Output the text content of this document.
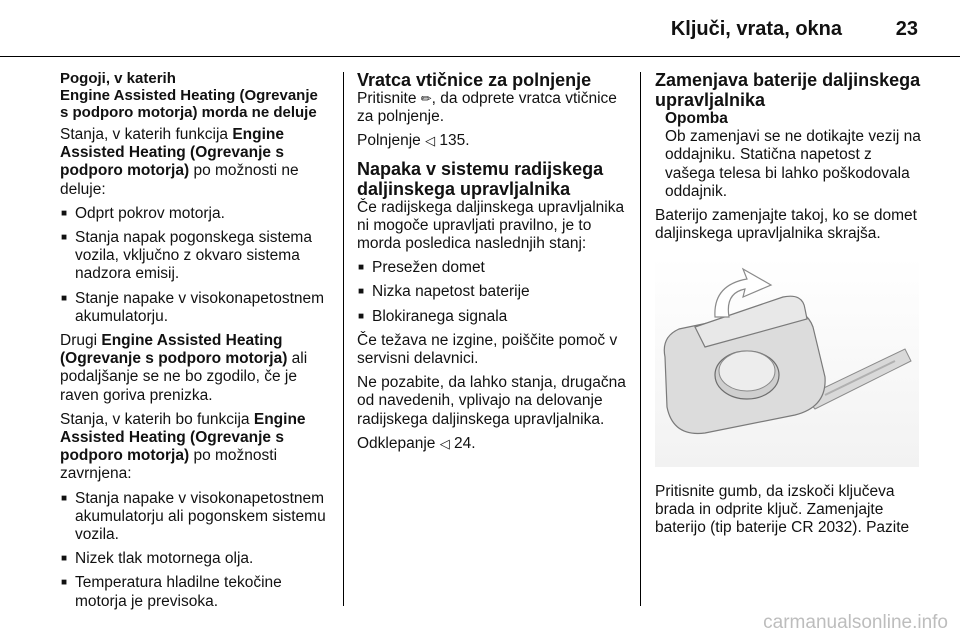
Ključi, vrata, okna	23
Pogoji, v katerih
Engine Assisted Heating (Ogrevanje s podporo motorja) morda ne deluje

Stanja, v katerih funkcija Engine Assisted Heating (Ogrevanje s podporo motorja) po možnosti ne deluje:

■ Odprt pokrov motorja.
■ Stanja napak pogonskega sistema vozila, vključno z okvaro sistema nadzora emisij.
■ Stanje napake v visokonapetostnem akumulatorju.

Drugi Engine Assisted Heating (Ogrevanje s podporo motorja) ali podaljšanje se ne bo zgodilo, če je raven goriva prenizka.

Stanja, v katerih bo funkcija Engine Assisted Heating (Ogrevanje s podporo motorja) po možnosti zavrnjena:

■ Stanja napake v visokonapetostnem akumulatorju ali pogonskem sistemu vozila.
■ Nizek tlak motornega olja.
■ Temperatura hladilne tekočine motorja je previsoka.
Vratca vtičnice za polnjenje

Pritisnite ✏, da odprete vratca vtičnice za polnjenje.

Polnjenje ◁ 135.

Napaka v sistemu radijskega daljinskega upravljalnika

Če radijskega daljinskega upravljalnika ni mogoče upravljati pravilno, je to morda posledica naslednjih stanj:

■ Presežen domet
■ Nizka napetost baterije
■ Blokiranega signala

Če težava ne izgine, poiščite pomoč v servisni delavnici.

Ne pozabite, da lahko stanja, drugačna od navedenih, vplivajo na delovanje radijskega daljinskega upravljalnika.

Odklepanje ◁ 24.

Zamenjava baterije daljinskega upravljalnika
Opomba
Ob zamenjavi se ne dotikajte vezij na oddajniku. Statična napetost z vašega telesa bi lahko poškodovala oddajnik.

Baterijo zamenjajte takoj, ko se domet daljinskega upravljalnika skrajša.

Pritisnite gumb, da izskoči ključeva brada in odprite ključ. Zamenjajte baterijo (tip baterije CR 2032). Pazite

carmanualsonline.info
